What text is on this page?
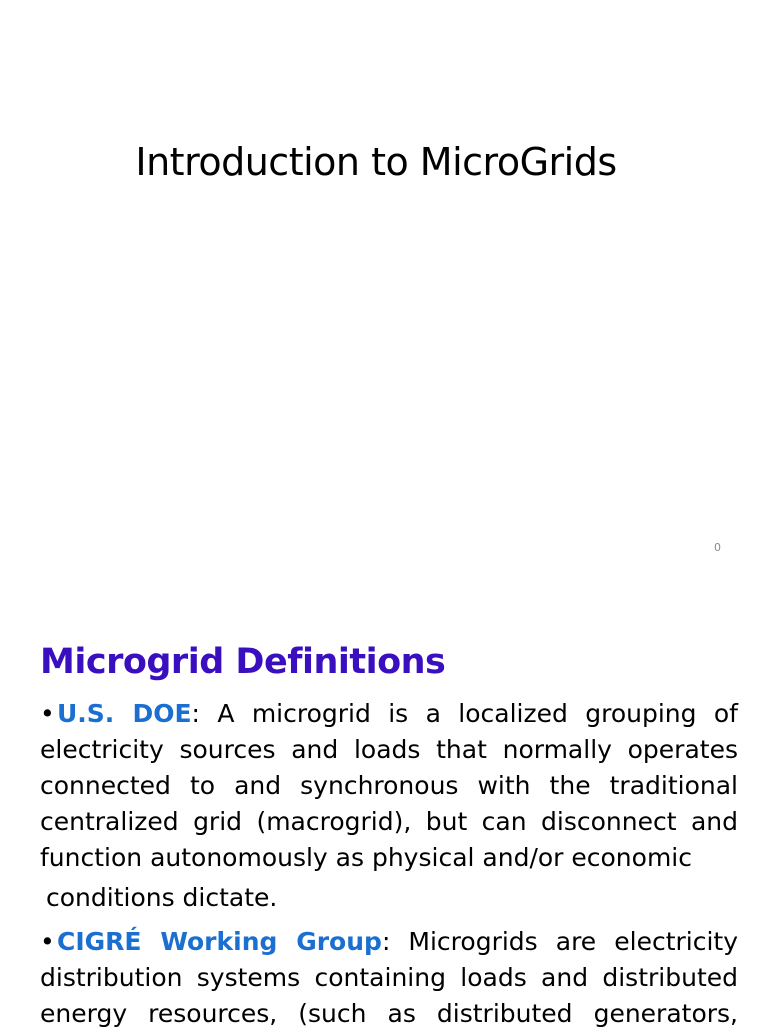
Introduction to MicroGrids
0
Microgrid Definitions
•U.S. DOE: A microgrid is a localized grouping of
electricity sources and loads that normally operates
connected to and synchronous with the traditional
centralized grid (macrogrid), but can disconnect and
function autonomously as physical and/or economic
conditions dictate.
•CIGRÉ Working Group: Microgrids are electricity
distribution systems containing loads and distributed
energy resources, (such as distributed generators,
